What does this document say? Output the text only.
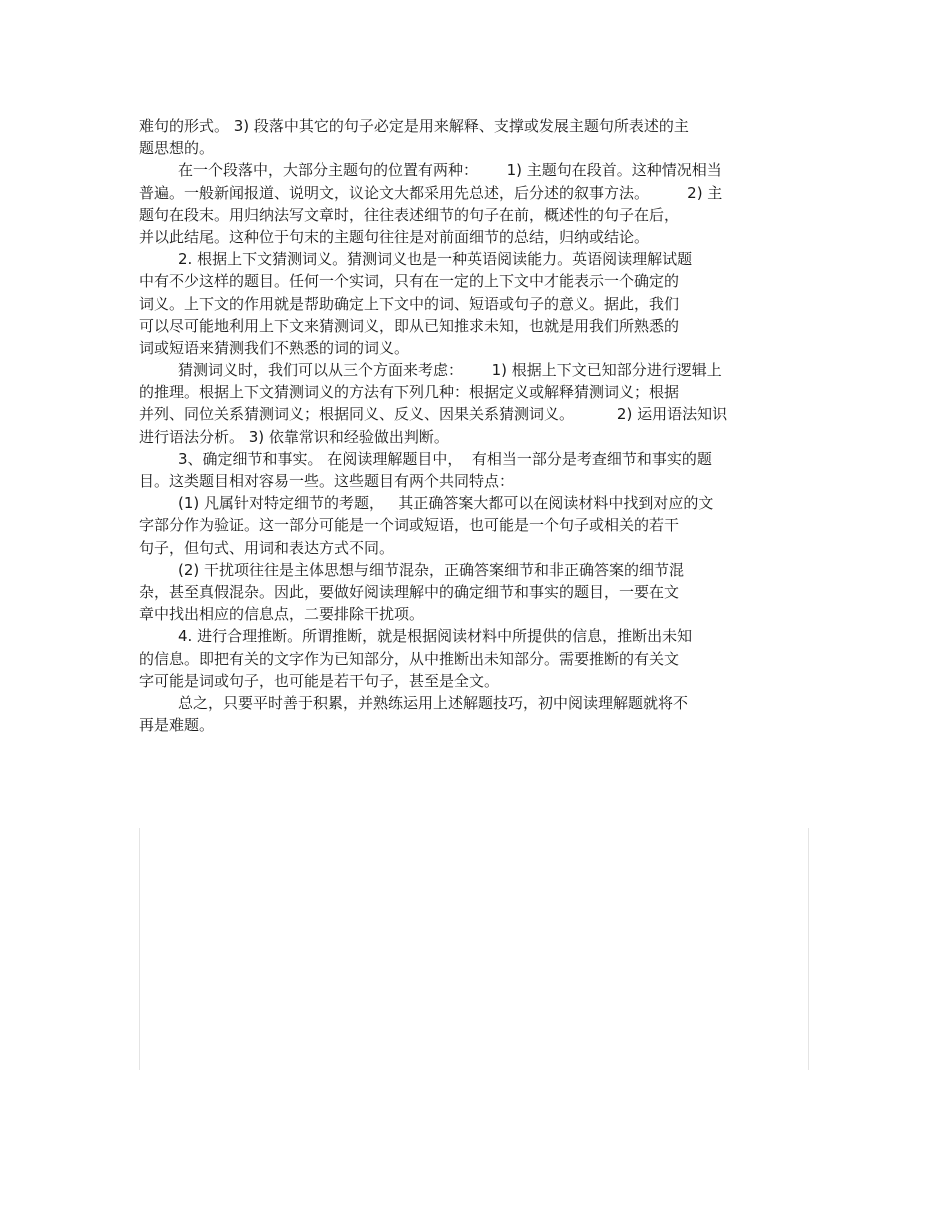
难句的形式。 3) 段落中其它的句子必定是用来解释、支撑或发展主题句所表述的主
题思想的。
在一个段落中，大部分主题句的位置有两种：      1) 主题句在段首。这种情况相当
普遍。一般新闻报道、说明文，议论文大都采用先总述，后分述的叙事方法。        2) 主
题句在段末。用归纳法写文章时，往往表述细节的句子在前，概述性的句子在后，
并以此结尾。这种位于句末的主题句往往是对前面细节的总结，归纳或结论。
2. 根据上下文猜测词义。猜测词义也是一种英语阅读能力。英语阅读理解试题
中有不少这样的题目。任何一个实词，只有在一定的上下文中才能表示一个确定的
词义。上下文的作用就是帮助确定上下文中的词、短语或句子的意义。据此，我们
可以尽可能地利用上下文来猜测词义，即从已知推求未知，也就是用我们所熟悉的
词或短语来猜测我们不熟悉的词的词义。
猜测词义时，我们可以从三个方面来考虑：      1) 根据上下文已知部分进行逻辑上
的推理。根据上下文猜测词义的方法有下列几种：根据定义或解释猜测词义；根据
并列、同位关系猜测词义；根据同义、反义、因果关系猜测词义。         2) 运用语法知识
进行语法分析。 3) 依靠常识和经验做出判断。
3、确定细节和事实。 在阅读理解题目中，  有相当一部分是考查细节和事实的题
目。这类题目相对容易一些。这些题目有两个共同特点：
(1) 凡属针对特定细节的考题，   其正确答案大都可以在阅读材料中找到对应的文
字部分作为验证。这一部分可能是一个词或短语，也可能是一个句子或相关的若干
句子，但句式、用词和表达方式不同。
(2) 干扰项往往是主体思想与细节混杂，正确答案细节和非正确答案的细节混
杂，甚至真假混杂。因此，要做好阅读理解中的确定细节和事实的题目，一要在文
章中找出相应的信息点，二要排除干扰项。
4. 进行合理推断。所谓推断，就是根据阅读材料中所提供的信息，推断出未知
的信息。即把有关的文字作为已知部分，从中推断出未知部分。需要推断的有关文
字可能是词或句子，也可能是若干句子，甚至是全文。
总之，只要平时善于积累，并熟练运用上述解题技巧，初中阅读理解题就将不
再是难题。
